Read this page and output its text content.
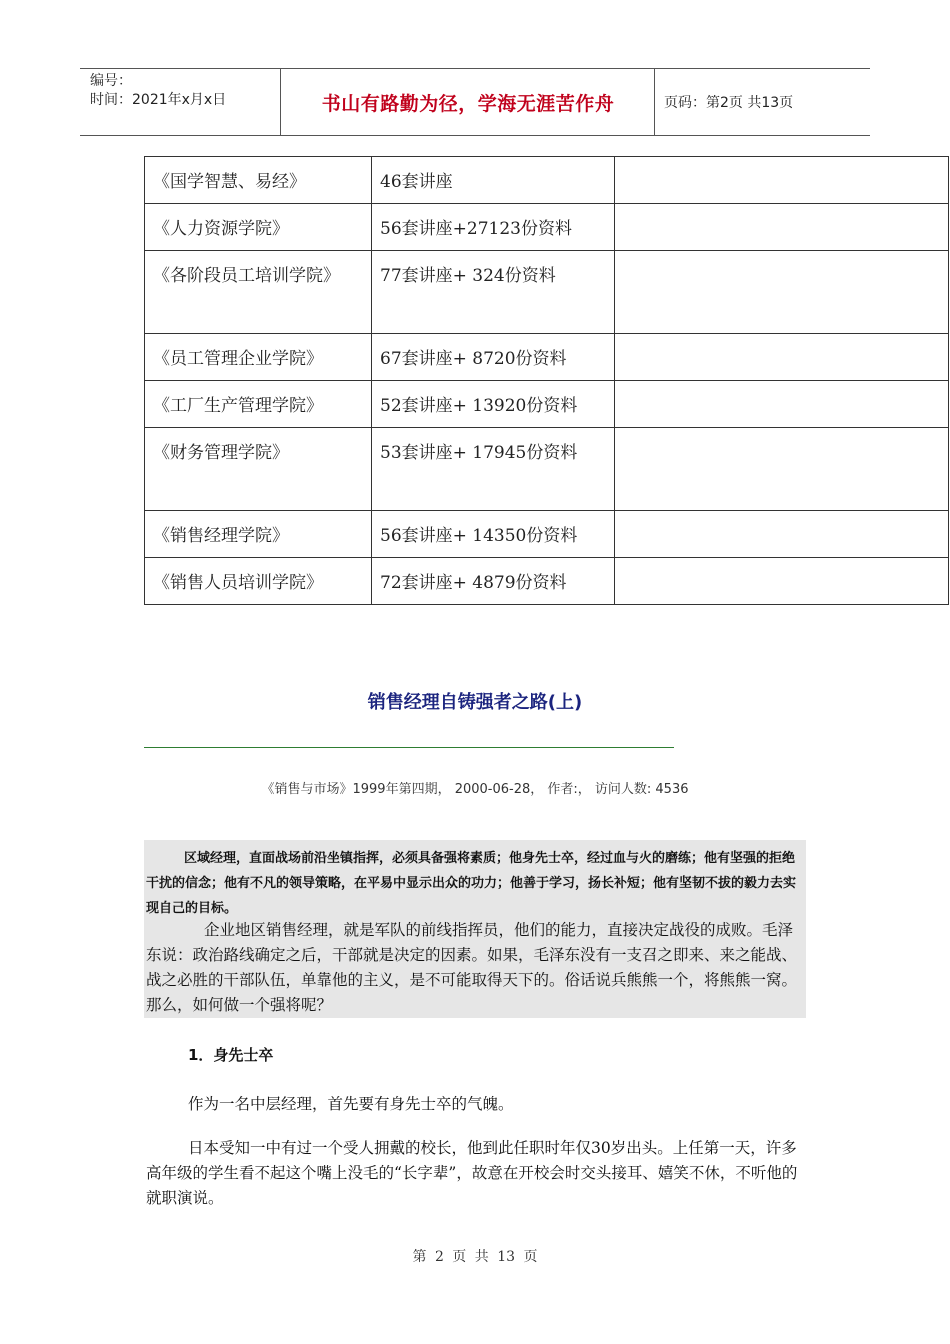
编号：
时间：2021年x月x日	书山有路勤为径，学海无涯苦作舟	页码：第2页 共13页
《国学智慧、易经》	46套讲座	
《人力资源学院》	56套讲座+27123份资料	
《各阶段员工培训学院》	77套讲座+ 324份资料	
《员工管理企业学院》	67套讲座+ 8720份资料	
《工厂生产管理学院》	52套讲座+ 13920份资料	
《财务管理学院》	53套讲座+ 17945份资料	
《销售经理学院》	56套讲座+ 14350份资料	
《销售人员培训学院》	72套讲座+ 4879份资料	
销售经理自铸强者之路(上)
《销售与市场》1999年第四期， 2000-06-28， 作者:， 访问人数: 4536
区域经理，直面战场前沿坐镇指挥，必须具备强将素质；他身先士卒，经过血与火的磨练；他有坚强的拒绝干扰的信念；他有不凡的领导策略，在平易中显示出众的功力；他善于学习，扬长补短；他有坚韧不拔的毅力去实现自己的目标。
企业地区销售经理，就是军队的前线指挥员，他们的能力，直接决定战役的成败。毛泽东说：政治路线确定之后，干部就是决定的因素。如果，毛泽东没有一支召之即来、来之能战、战之必胜的干部队伍，单靠他的主义，是不可能取得天下的。俗话说兵熊熊一个，将熊熊一窝。那么，如何做一个强将呢？
1．身先士卒
作为一名中层经理，首先要有身先士卒的气魄。
日本受知一中有过一个受人拥戴的校长，他到此任职时年仅30岁出头。上任第一天，许多高年级的学生看不起这个嘴上没毛的“长字辈”，故意在开校会时交头接耳、嬉笑不休，不听他的就职演说。
第 2 页 共 13 页
